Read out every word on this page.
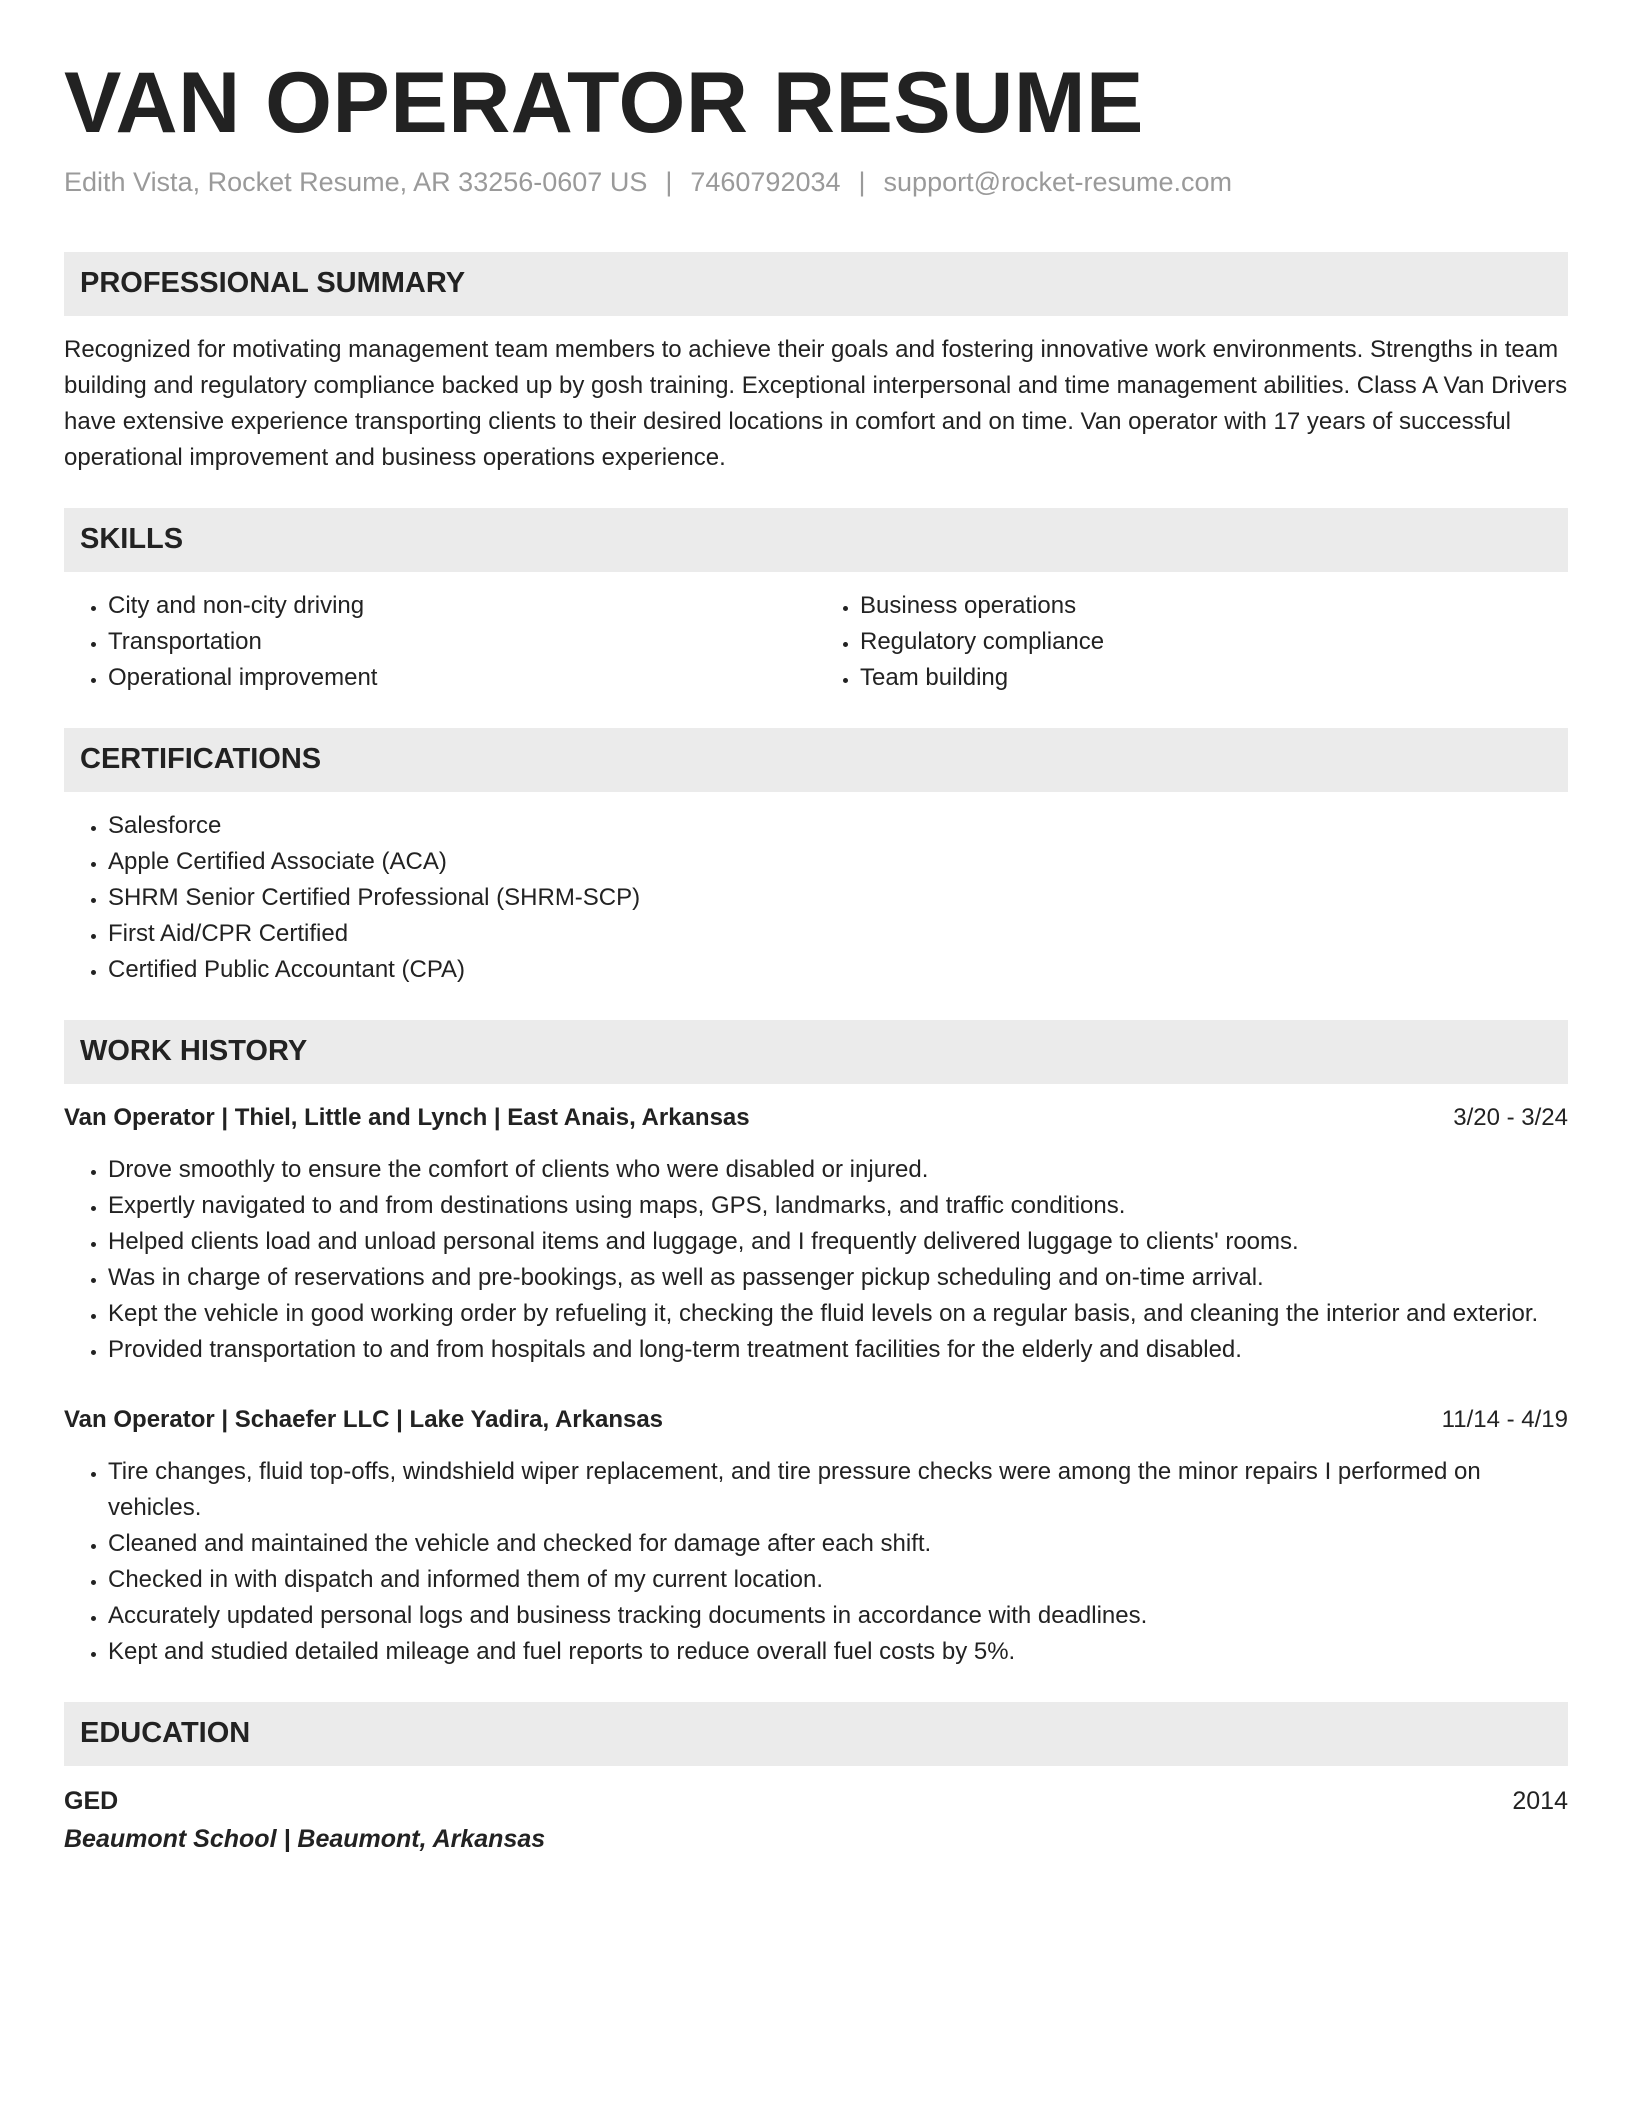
VAN OPERATOR RESUME
Edith Vista, Rocket Resume, AR 33256-0607 US | 7460792034 | support@rocket-resume.com
PROFESSIONAL SUMMARY

Recognized for motivating management team members to achieve their goals and fostering innovative work environments. Strengths in team building and regulatory compliance backed up by gosh training. Exceptional interpersonal and time management abilities. Class A Van Drivers have extensive experience transporting clients to their desired locations in comfort and on time. Van operator with 17 years of successful operational improvement and business operations experience.

SKILLS
• City and non-city driving
• Transportation
• Operational improvement
• Business operations
• Regulatory compliance
• Team building
CERTIFICATIONS
• Salesforce
• Apple Certified Associate (ACA)
• SHRM Senior Certified Professional (SHRM-SCP)
• First Aid/CPR Certified
• Certified Public Accountant (CPA)
WORK HISTORY
Van Operator | Thiel, Little and Lynch | East Anais, Arkansas	3/20 - 3/24
• Drove smoothly to ensure the comfort of clients who were disabled or injured.
• Expertly navigated to and from destinations using maps, GPS, landmarks, and traffic conditions.
• Helped clients load and unload personal items and luggage, and I frequently delivered luggage to clients' rooms.
• Was in charge of reservations and pre-bookings, as well as passenger pickup scheduling and on-time arrival.
• Kept the vehicle in good working order by refueling it, checking the fluid levels on a regular basis, and cleaning the interior and exterior.
• Provided transportation to and from hospitals and long-term treatment facilities for the elderly and disabled.
Van Operator | Schaefer LLC | Lake Yadira, Arkansas	11/14 - 4/19
• Tire changes, fluid top-offs, windshield wiper replacement, and tire pressure checks were among the minor repairs I performed on vehicles.
• Cleaned and maintained the vehicle and checked for damage after each shift.
• Checked in with dispatch and informed them of my current location.
• Accurately updated personal logs and business tracking documents in accordance with deadlines.
• Kept and studied detailed mileage and fuel reports to reduce overall fuel costs by 5%.
EDUCATION
GED	2014
Beaumont School | Beaumont, Arkansas
